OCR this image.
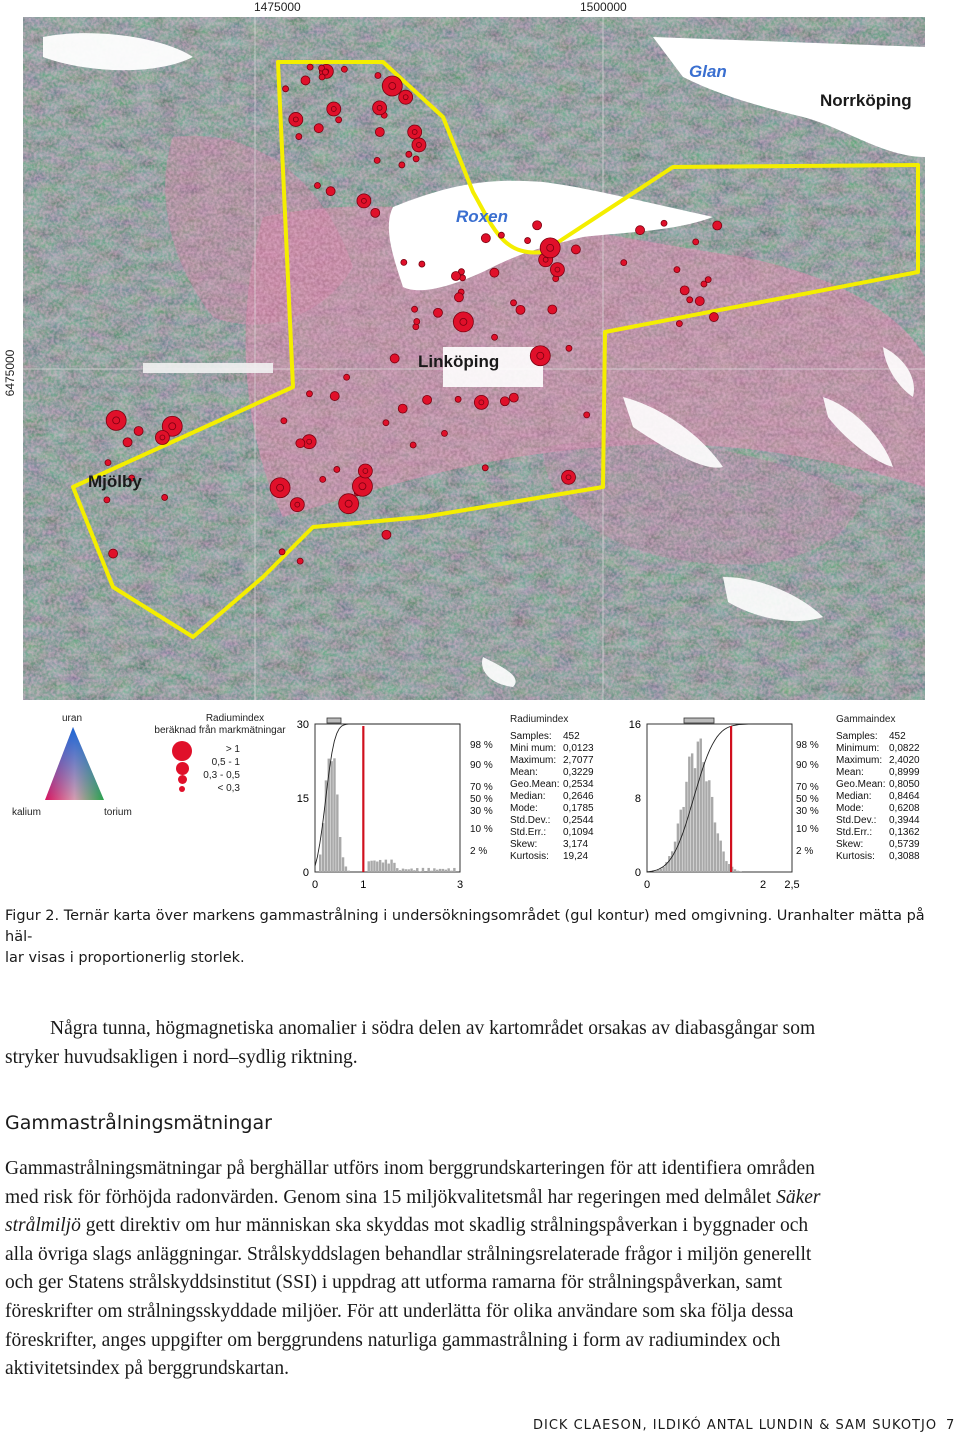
1475000	1500000
6475000
Glan
Norrköping
Roxen
Linköping
Mjölby
uran
kalium	torium
Radiumindex
beräknad från markmätningar
> 1
0,5 - 1
0,3 - 0,5
< 0,3
30
15
0
0	1	3
98 %
90 %
70 %
50 %
30 %
10 %
2 %
Radiumindex
Samples:	452
Mini mum: 0,0123
Maximum: 2,7077
Mean:	0,3229
Geo.Mean: 0,2534
Median:	0,2646
Mode:	0,1785
Std.Dev.:	0,2544
Std.Err.:	0,1094
Skew:	3,174
Kurtosis:	19,24
16
8
0
0	2 2,5
98 %
90 %
70 %
50 %
30 %
10 %
2 %
Gammaindex
Samples:	452
Minimum: 0,0822
Maximum: 2,4020
Mean:	0,8999
Geo.Mean: 0,8050
Median:	0,8464
Mode:	0,6208
Std.Dev.:	0,3944
Std.Err.:	0,1362
Skew:	0,5739
Kurtosis:	0,3088
Figur 2. Ternär karta över markens gammastrålning i undersökningsområdet (gul kontur) med omgivning. Uranhalter mätta på häl-
lar visas i proportionerlig storlek.
Några tunna, högmagnetiska anomalier i södra delen av kartområdet orsakas av diabasgångar som
stryker huvudsakligen i nord–sydlig riktning.
Gammastrålningsmätningar
Gammastrålningsmätningar på berghällar utförs inom berggrundskarteringen för att identifiera områden
med risk för förhöjda radonvärden. Genom sina 15 miljökvalitetsmål har regeringen med delmålet Säker
strålmiljö gett direktiv om hur människan ska skyddas mot skadlig strålningspåverkan i byggnader och
alla övriga slags anläggningar. Strålskyddslagen behandlar strålningsrelaterade frågor i miljön generellt
och ger Statens strålskyddsinstitut (SSI) i uppdrag att utforma ramarna för strålningspåverkan, samt
föreskrifter om strålningsskyddade miljöer. För att underlätta för olika användare som ska följa dessa
föreskrifter, anges uppgifter om berggrundens naturliga gammastrålning i form av radiumindex och
aktivitetsindex på berggrundskartan.
DICK CLAESON, ILDIKÓ ANTAL LUNDIN & SAM SUKOTJO 7
